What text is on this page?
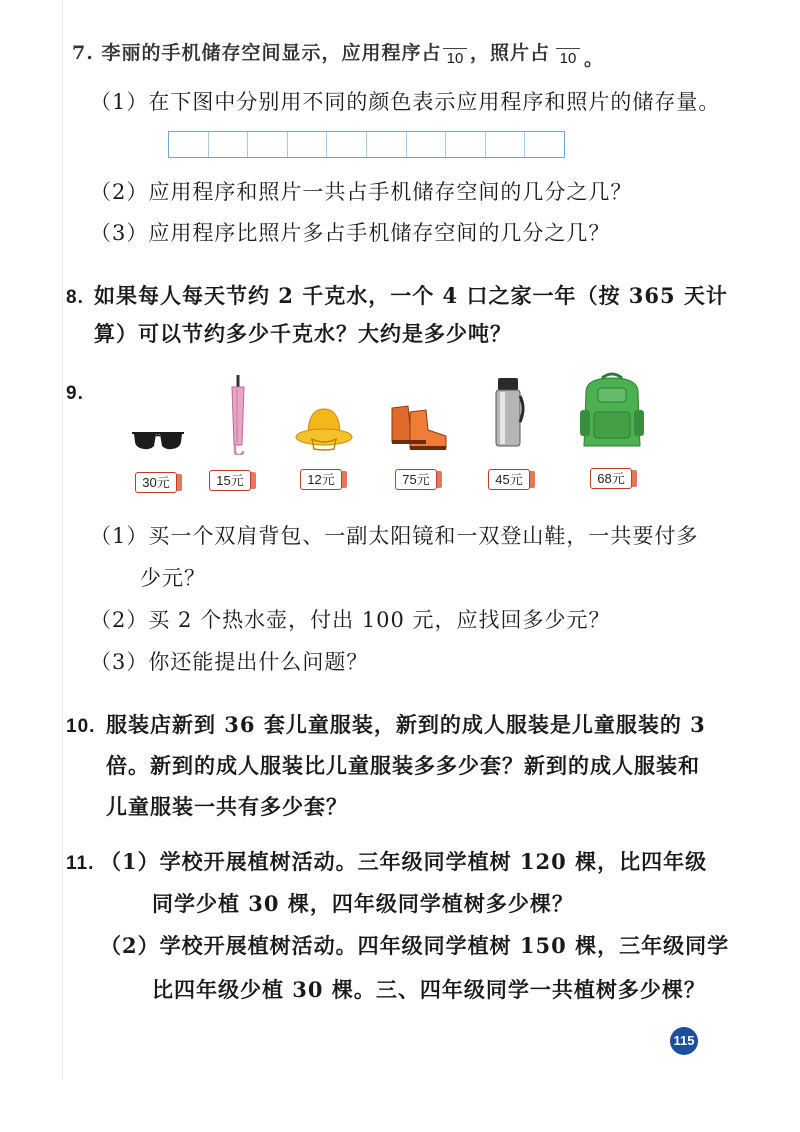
7. 李丽的手机储存空间显示，应用程序占 10 ，照片占 10 。
（1）在下图中分别用不同的颜色表示应用程序和照片的储存量。
（2）应用程序和照片一共占手机储存空间的几分之几？
（3）应用程序比照片多占手机储存空间的几分之几？
8. 如果每人每天节约 2 千克水，一个 4 口之家一年（按 365 天计
算）可以节约多少千克水？大约是多少吨？
9.
30元	15元	12元	75元	45元	68元
（1）买一个双肩背包、一副太阳镜和一双登山鞋，一共要付多
少元？
（2）买 2 个热水壶，付出 100 元，应找回多少元？
（3）你还能提出什么问题？
10. 服装店新到 36 套儿童服装，新到的成人服装是儿童服装的 3
倍。新到的成人服装比儿童服装多多少套？新到的成人服装和
儿童服装一共有多少套？
11. （1）学校开展植树活动。三年级同学植树 120 棵，比四年级
同学少植 30 棵，四年级同学植树多少棵？
（2）学校开展植树活动。四年级同学植树 150 棵，三年级同学
比四年级少植 30 棵。三、四年级同学一共植树多少棵？
115
